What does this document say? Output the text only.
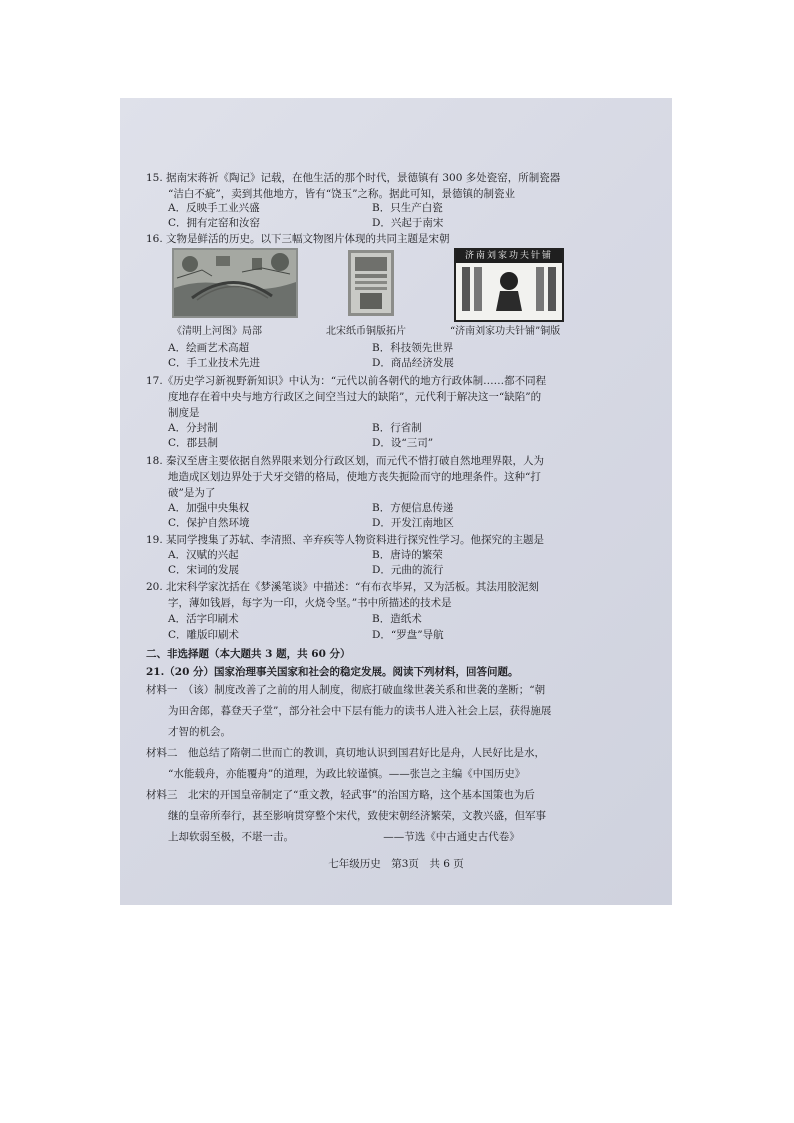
15. 据南宋蒋祈《陶记》记载，在他生活的那个时代，景德镇有 300 多处瓷窑，所制瓷器
“洁白不疵”，卖到其他地方，皆有“饶玉”之称。据此可知，景德镇的制瓷业
A．反映手工业兴盛	B．只生产白瓷
C．拥有定窑和汝窑	D．兴起于南宋
16. 文物是鲜活的历史。以下三幅文物图片体现的共同主题是宋朝
济南刘家功夫针铺
《清明上河图》局部	北宋纸币铜版拓片	“济南刘家功夫针铺”铜版
A．绘画艺术高超	B．科技领先世界
C．手工业技术先进	D．商品经济发展
17.《历史学习新视野新知识》中认为：“元代以前各朝代的地方行政体制……都不同程
度地存在着中央与地方行政区之间空当过大的缺陷”，元代利于解决这一“缺陷”的
制度是
A．分封制	B．行省制
C．郡县制	D．设“三司”
18. 秦汉至唐主要依据自然界限来划分行政区划，而元代不惜打破自然地理界限，人为
地造成区划边界处于犬牙交错的格局，使地方丧失扼险而守的地理条件。这种“打
破”是为了
A．加强中央集权	B．方便信息传递
C．保护自然环境	D．开发江南地区
19. 某同学搜集了苏轼、李清照、辛弃疾等人物资料进行探究性学习。他探究的主题是
A．汉赋的兴起	B．唐诗的繁荣
C．宋词的发展	D．元曲的流行
20. 北宋科学家沈括在《梦溪笔谈》中描述：“有布衣毕昇，又为活板。其法用胶泥刻
字，薄如钱唇，每字为一印，火烧令坚。”书中所描述的技术是
A．活字印刷术	B．造纸术
C．雕版印刷术	D．“罗盘”导航
二、非选择题（本大题共 3 题，共 60 分）
21.（20 分）国家治理事关国家和社会的稳定发展。阅读下列材料，回答问题。
材料一　（该）制度改善了之前的用人制度，彻底打破血缘世袭关系和世袭的垄断；“朝
为田舍郎，暮登天子堂”，部分社会中下层有能力的读书人进入社会上层，获得施展
才智的机会。
材料二　他总结了隋朝二世而亡的教训，真切地认识到国君好比是舟，人民好比是水，
“水能载舟，亦能覆舟”的道理，为政比较谨慎。——张岂之主编《中国历史》
材料三　北宋的开国皇帝制定了“重文教，轻武事”的治国方略，这个基本国策也为后
继的皇帝所奉行，甚至影响贯穿整个宋代，致使宋朝经济繁荣，文教兴盛，但军事
上却软弱至极，不堪一击。　　　　　　　　　——节选《中古通史古代卷》
七年级历史　第3页　共 6 页
